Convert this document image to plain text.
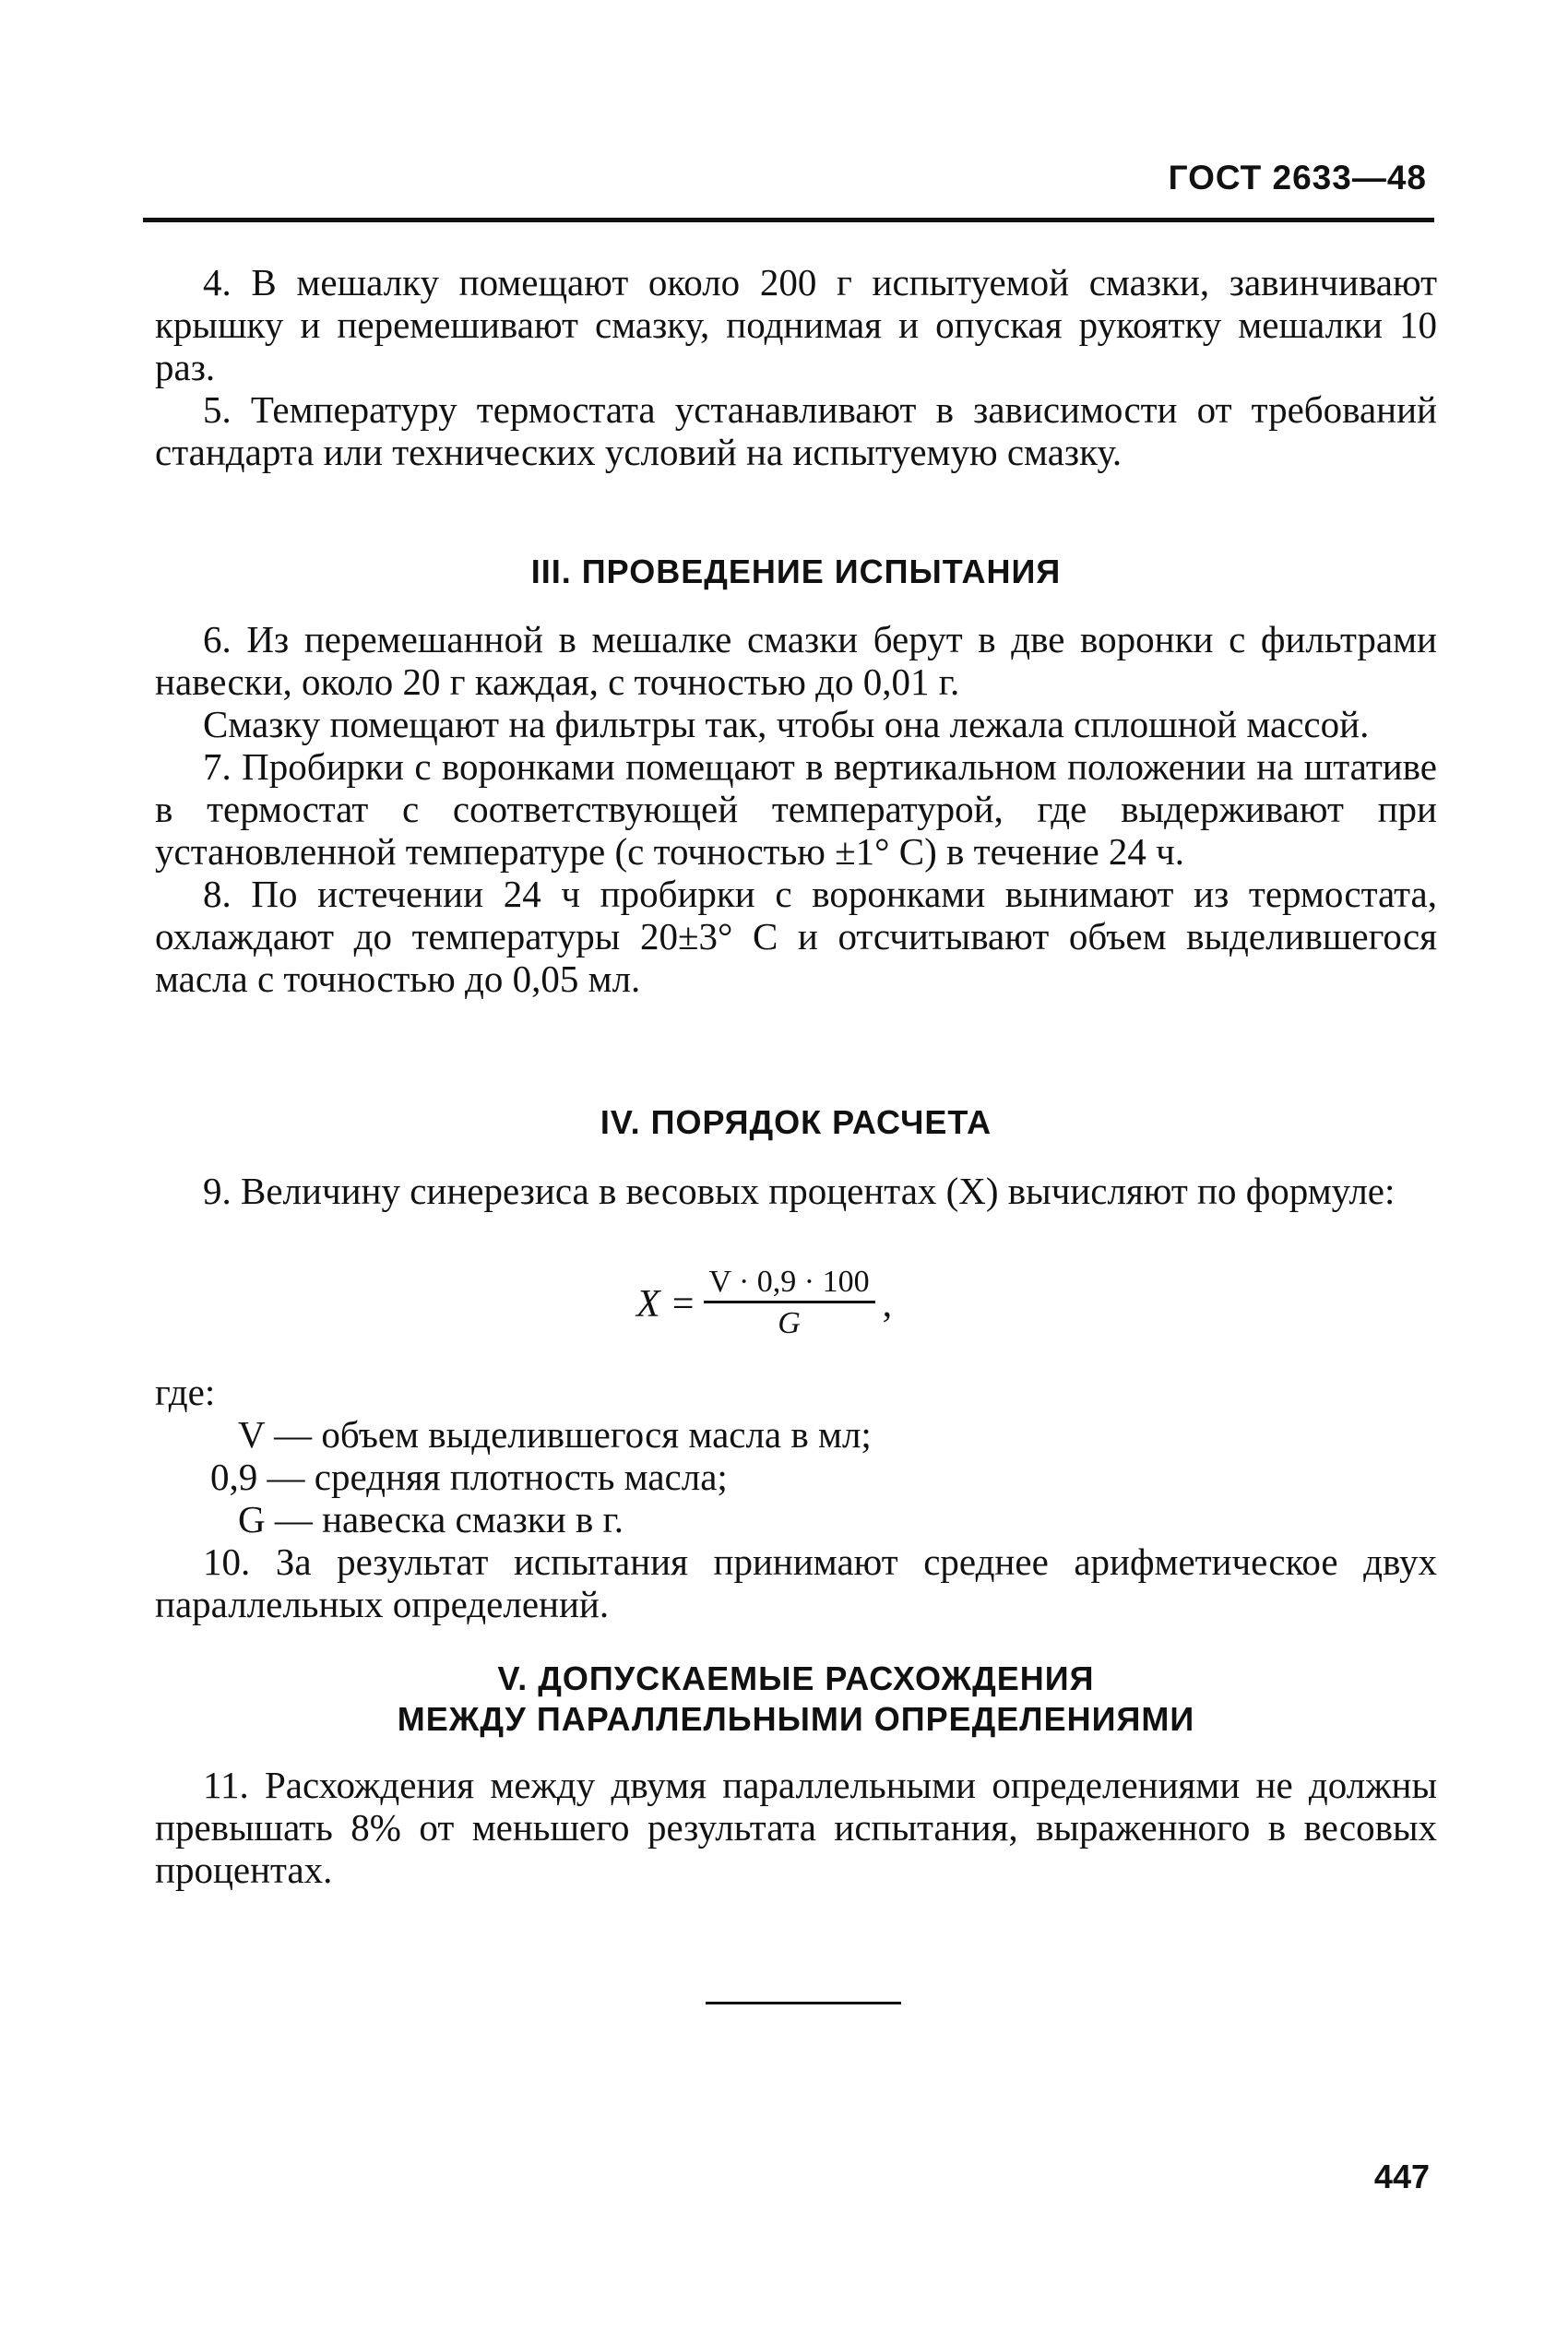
ГОСТ 2633—48

4. В мешалку помещают около 200 г испытуемой смазки, завинчивают крышку и перемешивают смазку, поднимая и опуская рукоятку мешалки 10 раз.

5. Температуру термостата устанавливают в зависимости от требований стандарта или технических условий на испытуемую смазку.

III. ПРОВЕДЕНИЕ ИСПЫТАНИЯ

6. Из перемешанной в мешалке смазки берут в две воронки с фильтрами навески, около 20 г каждая, с точностью до 0,01 г.

Смазку помещают на фильтры так, чтобы она лежала сплошной массой.

7. Пробирки с воронками помещают в вертикальном положении на штативе в термостат с соответствующей температурой, где выдерживают при установленной температуре (с точностью ±1° С) в течение 24 ч.

8. По истечении 24 ч пробирки с воронками вынимают из термостата, охлаждают до температуры 20±3° С и отсчитывают объем выделившегося масла с точностью до 0,05 мл.

IV. ПОРЯДОК РАСЧЕТА

9. Величину синерезиса в весовых процентах (X) вычисляют по формуле:

$X = \frac{V \cdot 0,9 \cdot 100}{G}$ ,

где:

V — объем выделившегося масла в мл;

0,9 — средняя плотность масла;

G — навеска смазки в г.

10. За результат испытания принимают среднее арифметическое двух параллельных определений.

V. ДОПУСКАЕМЫЕ РАСХОЖДЕНИЯ

МЕЖДУ ПАРАЛЛЕЛЬНЫМИ ОПРЕДЕЛЕНИЯМИ

11. Расхождения между двумя параллельными определениями не должны превышать 8% от меньшего результата испытания, выраженного в весовых процентах.

447
